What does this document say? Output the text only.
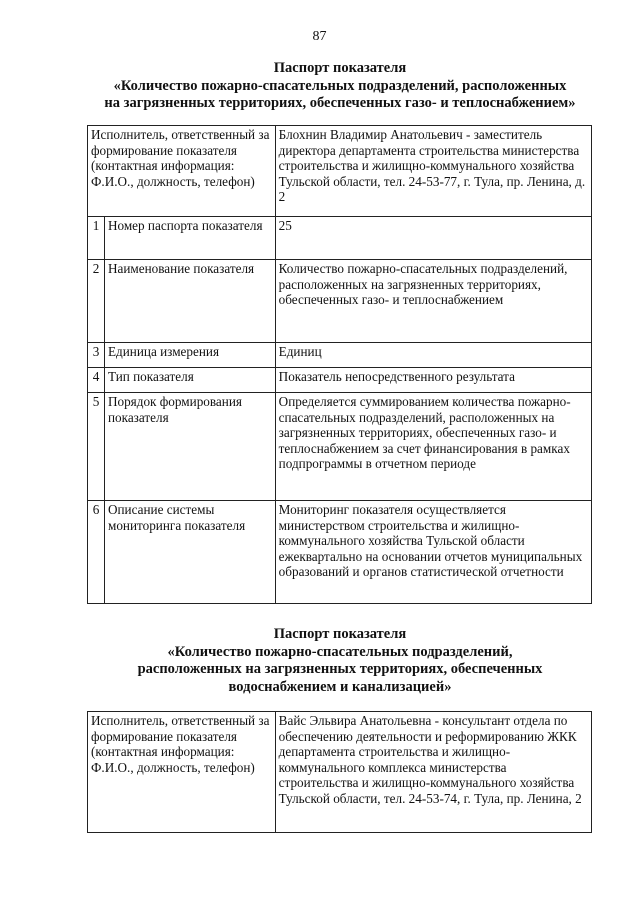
87
Паспорт показателя
«Количество пожарно-спасательных подразделений, расположенных
на загрязненных территориях, обеспеченных газо- и теплоснабжением»
Исполнитель, ответственный за формирование показателя (контактная информация: Ф.И.О., должность, телефон)		Блохнин Владимир Анатольевич - заместитель директора департамента строительства министерства строительства и жилищно-коммунального хозяйства Тульской области, тел. 24-53-77, г. Тула, пр. Ленина, д. 2
1	Номер паспорта показателя	25
2	Наименование показателя	Количество пожарно-спасательных подразделений, расположенных на загрязненных территориях, обеспеченных газо- и теплоснабжением
3	Единица измерения	Единиц
4	Тип показателя	Показатель непосредственного результата
5	Порядок формирования показателя	Определяется суммированием количества пожарно-спасательных подразделений, расположенных на загрязненных территориях, обеспеченных газо- и теплоснабжением за счет финансирования в рамках подпрограммы в отчетном периоде
6	Описание системы мониторинга показателя	Мониторинг показателя осуществляется министерством строительства и жилищно-коммунального хозяйства Тульской области ежеквартально на основании отчетов муниципальных образований и органов статистической отчетности
Паспорт показателя
«Количество пожарно-спасательных подразделений,
расположенных на загрязненных территориях, обеспеченных
водоснабжением и канализацией»
Исполнитель, ответственный за формирование показателя (контактная информация: Ф.И.О., должность, телефон)	Вайс Эльвира Анатольевна - консультант отдела по обеспечению деятельности и реформированию ЖКК департамента строительства и жилищно-коммунального комплекса министерства строительства и жилищно-коммунального хозяйства Тульской области, тел. 24-53-74, г. Тула, пр. Ленина, 2
